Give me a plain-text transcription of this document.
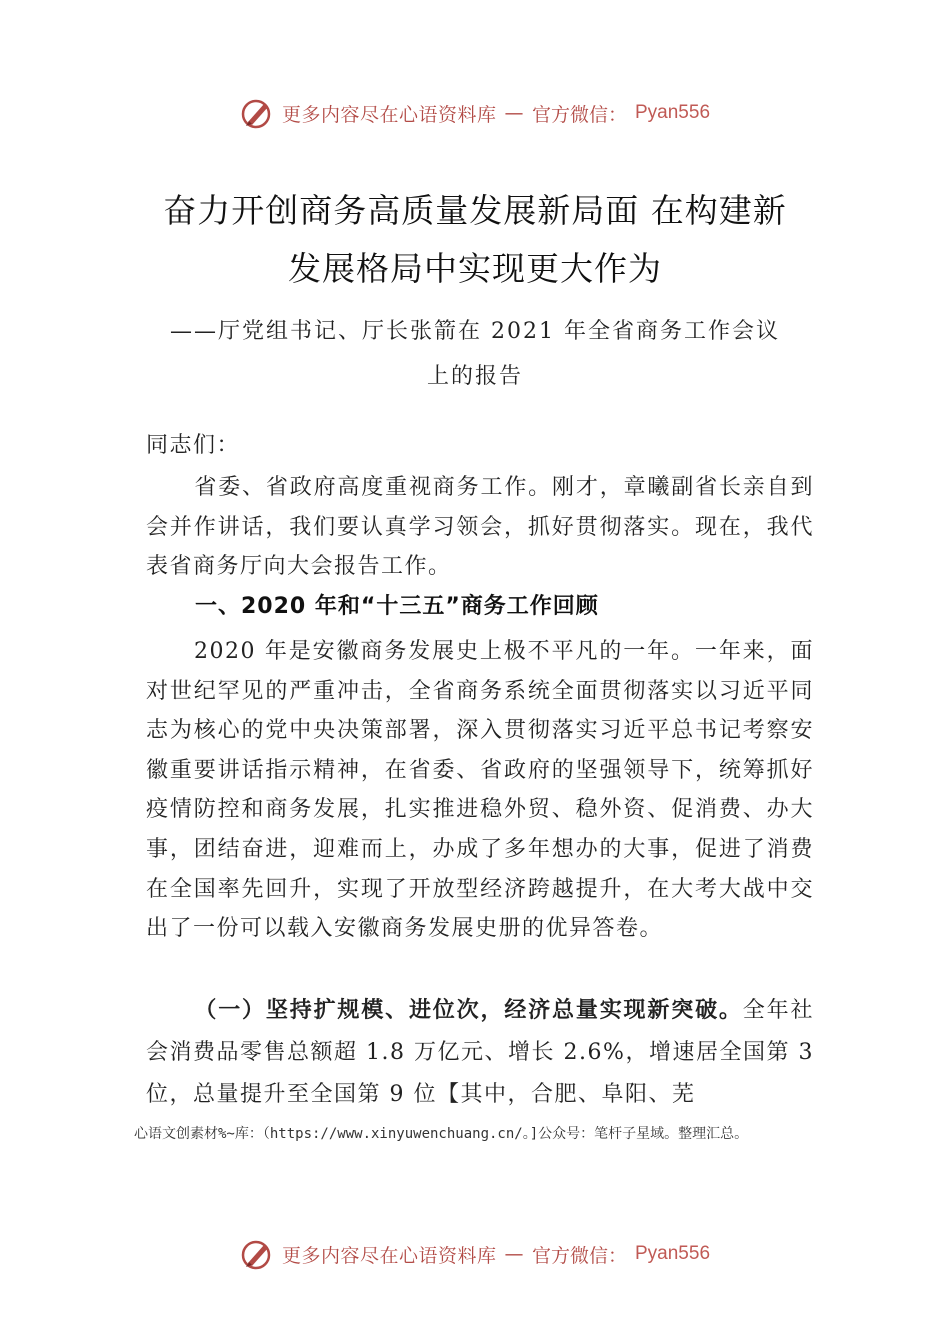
更多内容尽在心语资料库 — 官方微信： Pyan556
奋力开创商务高质量发展新局面 在构建新
发展格局中实现更大作为
——厅党组书记、厅长张箭在 2021 年全省商务工作会议
上的报告
同志们：
省委、省政府高度重视商务工作。刚才，章曦副省长亲自到会并作讲话，我们要认真学习领会，抓好贯彻落实。现在，我代表省商务厅向大会报告工作。
一、2020 年和“十三五”商务工作回顾
2020 年是安徽商务发展史上极不平凡的一年。一年来，面对世纪罕见的严重冲击，全省商务系统全面贯彻落实以习近平同志为核心的党中央决策部署，深入贯彻落实习近平总书记考察安徽重要讲话指示精神，在省委、省政府的坚强领导下，统筹抓好疫情防控和商务发展，扎实推进稳外贸、稳外资、促消费、办大事，团结奋进，迎难而上，办成了多年想办的大事，促进了消费在全国率先回升，实现了开放型经济跨越提升，在大考大战中交出了一份可以载入安徽商务发展史册的优异答卷。
（一）坚持扩规模、进位次，经济总量实现新突破。全年社会消费品零售总额超 1.8 万亿元、增长 2.6%，增速居全国第 3 位，总量提升至全国第 9 位【其中，合肥、阜阳、芜
心语文创素材%~库：（https://www.xinyuwenchuang.cn/。]公众号：笔杆子星域。整理汇总。
更多内容尽在心语资料库 — 官方微信： Pyan556
